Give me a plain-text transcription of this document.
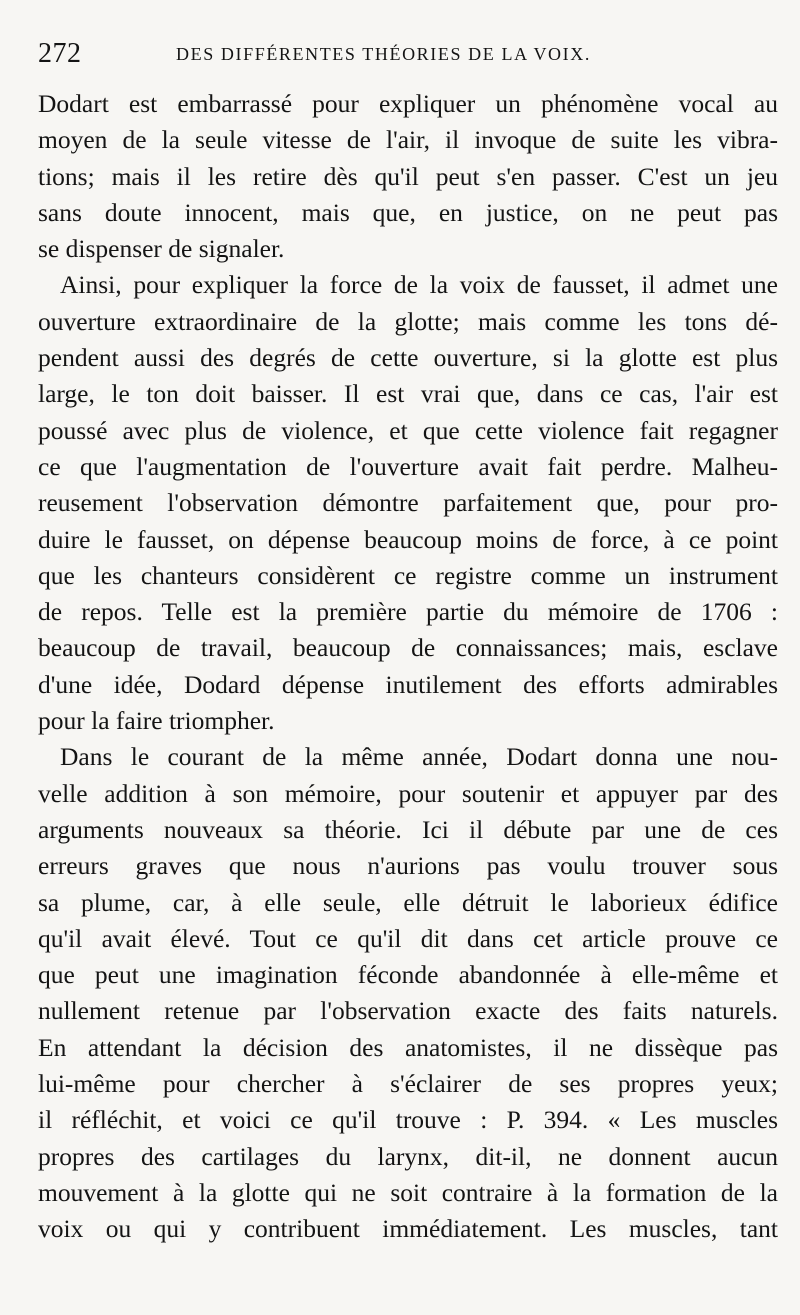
272	DES DIFFÉRENTES THÉORIES DE LA VOIX.
Dodart est embarrassé pour expliquer un phénomène vocal au
moyen de la seule vitesse de l'air, il invoque de suite les vibra-
tions; mais il les retire dès qu'il peut s'en passer. C'est un jeu
sans doute innocent, mais que, en justice, on ne peut pas
se dispenser de signaler.
Ainsi, pour expliquer la force de la voix de fausset, il admet une
ouverture extraordinaire de la glotte; mais comme les tons dé-
pendent aussi des degrés de cette ouverture, si la glotte est plus
large, le ton doit baisser. Il est vrai que, dans ce cas, l'air est
poussé avec plus de violence, et que cette violence fait regagner
ce que l'augmentation de l'ouverture avait fait perdre. Malheu-
reusement l'observation démontre parfaitement que, pour pro-
duire le fausset, on dépense beaucoup moins de force, à ce point
que les chanteurs considèrent ce registre comme un instrument
de repos. Telle est la première partie du mémoire de 1706 :
beaucoup de travail, beaucoup de connaissances; mais, esclave
d'une idée, Dodard dépense inutilement des efforts admirables
pour la faire triompher.
Dans le courant de la même année, Dodart donna une nou-
velle addition à son mémoire, pour soutenir et appuyer par des
arguments nouveaux sa théorie. Ici il débute par une de ces
erreurs graves que nous n'aurions pas voulu trouver sous
sa plume, car, à elle seule, elle détruit le laborieux édifice
qu'il avait élevé. Tout ce qu'il dit dans cet article prouve ce
que peut une imagination féconde abandonnée à elle-même et
nullement retenue par l'observation exacte des faits naturels.
En attendant la décision des anatomistes, il ne dissèque pas
lui-même pour chercher à s'éclairer de ses propres yeux;
il réfléchit, et voici ce qu'il trouve : P. 394. « Les muscles
propres des cartilages du larynx, dit-il, ne donnent aucun
mouvement à la glotte qui ne soit contraire à la formation de la
voix ou qui y contribuent immédiatement. Les muscles, tant
